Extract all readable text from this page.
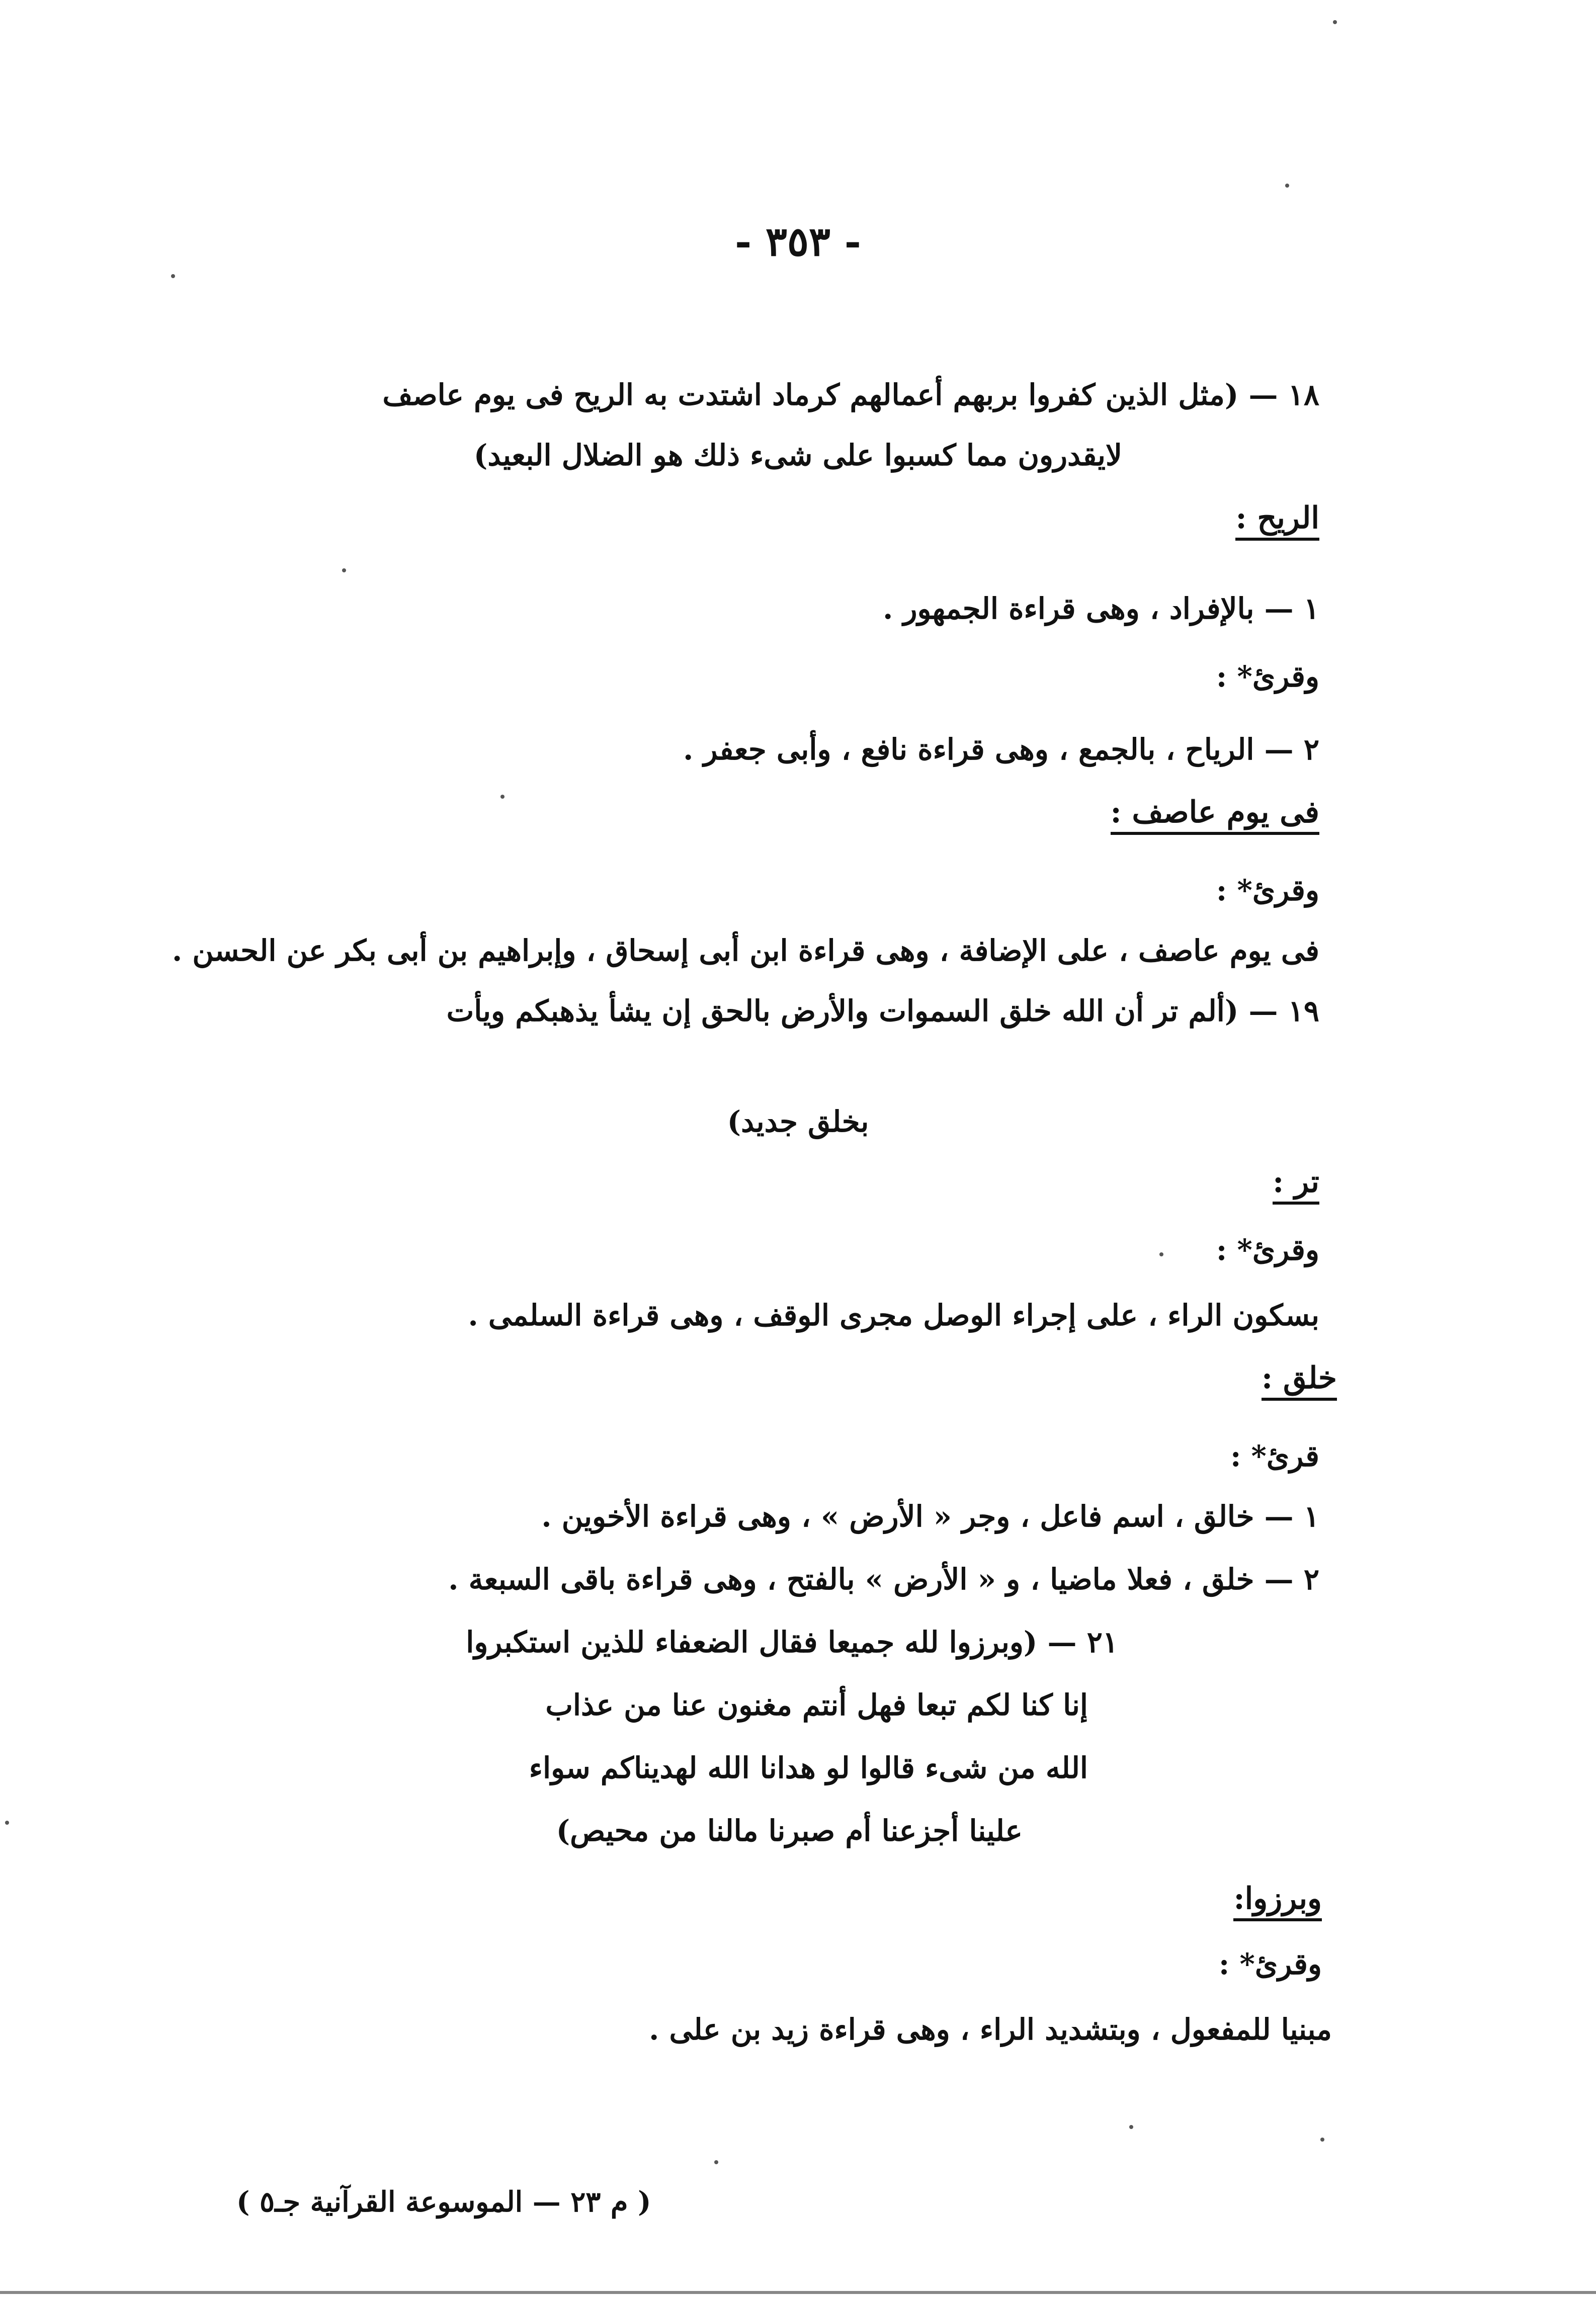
- ٣٥٣ -
١٨ — (مثل الذين كفروا بربهم أعمالهم كرماد اشتدت به الريح فى يوم عاصف
لايقدرون مما كسبوا على شىء ذلك هو الضلال البعيد)
الريح :
١ — بالإفراد ، وهى قراءة الجمهور .
وقرئ* :
٢ — الرياح ، بالجمع ، وهى قراءة نافع ، وأبى جعفر .
فى يوم عاصف :
وقرئ* :
فى يوم عاصف ، على الإضافة ، وهى قراءة ابن أبى إسحاق ، وإبراهيم بن أبى بكر عن الحسن .
١٩ — (ألم تر أن الله خلق السموات والأرض بالحق إن يشأ يذهبكم ويأت
بخلق جديد)
تر :
وقرئ* :
بسكون الراء ، على إجراء الوصل مجرى الوقف ، وهى قراءة السلمى .
خلق :
قرئ* :
١ — خالق ، اسم فاعل ، وجر « الأرض » ، وهى قراءة الأخوين .
٢ — خلق ، فعلا ماضيا ، و « الأرض » بالفتح ، وهى قراءة باقى السبعة .
٢١ — (وبرزوا لله جميعا فقال الضعفاء للذين استكبروا
إنا كنا لكم تبعا فهل أنتم مغنون عنا من عذاب
الله من شىء قالوا لو هدانا الله لهديناكم سواء
علينا أجزعنا أم صبرنا مالنا من محيص)
وبرزوا:
وقرئ* :
مبنيا للمفعول ، وبتشديد الراء ، وهى قراءة زيد بن على .
( م ٢٣ — الموسوعة القرآنية جـ٥ )
